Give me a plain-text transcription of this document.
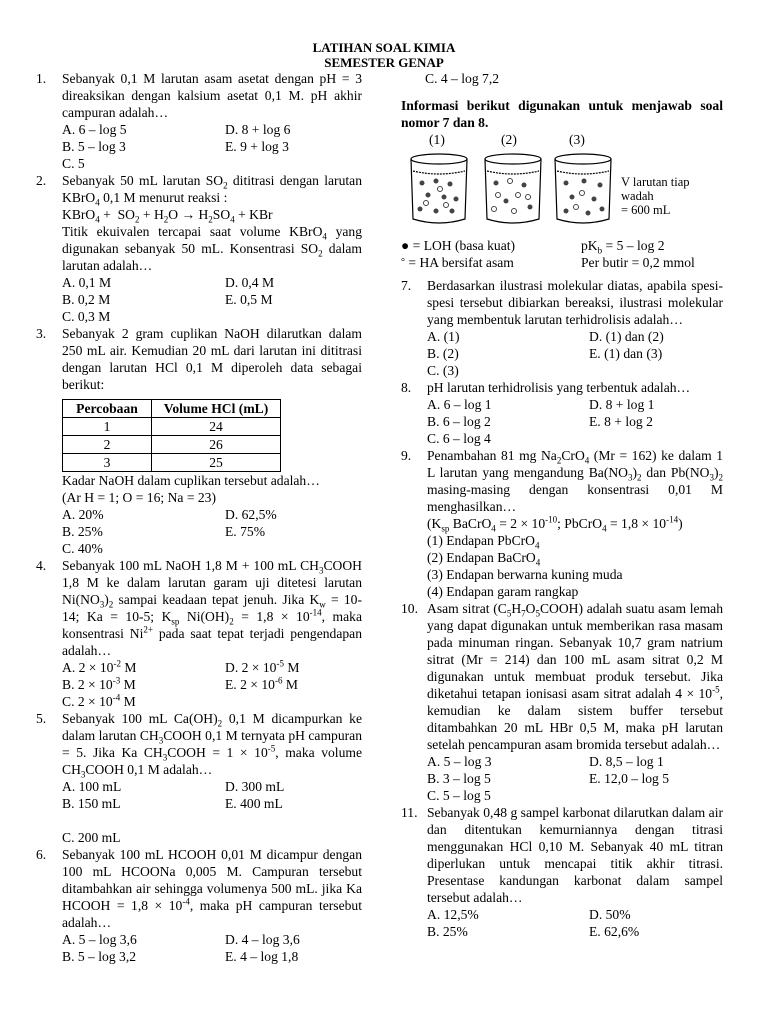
LATIHAN SOAL KIMIA
SEMESTER GENAP
1. Sebanyak 0,1 M larutan asam asetat dengan pH = 3 direaksikan dengan kalsium asetat 0,1 M. pH akhir campuran adalah…
A. 6 – log 5	D. 8 + log 6
B. 5 – log 3	E. 9 + log 3
C. 5
2. Sebanyak 50 mL larutan $SO_2$ dititrasi dengan larutan KBrO$_4$ 0,1 M menurut reaksi :
KBrO$_4$ +  $SO_2 + H_2O \to H_2SO_4$ + KBr
Titik ekuivalen tercapai saat volume KBrO$_4$ yang digunakan sebanyak 50 mL. Konsentrasi $SO_2$ dalam larutan adalah…
A. 0,1 M	D. 0,4 M
B. 0,2 M	E. 0,5 M
C. 0,3 M
3. Sebanyak 2 gram cuplikan NaOH dilarutkan dalam 250 mL air. Kemudian 20 mL dari larutan ini dititrasi dengan larutan HCl 0,1 M diperoleh data sebagai berikut:
Percobaan	Volume HCl (mL)
1	24
2	26
3	25
Kadar NaOH dalam cuplikan tersebut adalah…
(Ar H = 1; O = 16; Na = 23)
A. 20%	D. 62,5%
B. 25%	E. 75%
C. 40%
4. Sebanyak 100 mL NaOH 1,8 M + 100 mL $CH_3COOH$ 1,8 M ke dalam larutan garam uji ditetesi larutan $Ni(NO_3)_2$ sampai keadaan tepat jenuh. Jika $K_w = 10-14$; Ka = 10-5; $K_{sp}$ $Ni(OH)_2 = 1,8 \times 10^{-14}$, maka konsentrasi $Ni^{2+}$ pada saat tepat terjadi pengendapan adalah…
A. $2 \times 10^{-2}$ M	D. $2 \times 10^{-5}$ M
B. $2 \times 10^{-3}$ M	E. $2 \times 10^{-6}$ M
C. $2 \times 10^{-4}$ M
5. Sebanyak 100 mL $Ca(OH)_2$ 0,1 M dicampurkan ke dalam larutan $CH_3COOH$ 0,1 M ternyata pH campuran = 5. Jika Ka $CH_3COOH = 1 \times 10^{-5}$, maka volume $CH_3COOH$ 0,1 M adalah…
A. 100 mL	D. 300 mL
B. 150 mL	E. 400 mL
C. 200 mL
6. Sebanyak 100 mL HCOOH 0,01 M dicampur dengan 100 mL HCOONa 0,005 M. Campuran tersebut ditambahkan air sehingga volumenya 500 mL. jika Ka HCOOH = $1,8 \times 10^{-4}$, maka pH campuran tersebut adalah…
A. 5 – log 3,6	D. 4 – log 3,6
B. 5 – log 3,2	E. 4 – log 1,8
C. 4 – log 7,2
Informasi berikut digunakan untuk menjawab soal nomor 7 dan 8.
(1)	(2)	(3)
V larutan tiap wadah
= 600 mL
● = LOH (basa kuat)	$pK_b = 5 - \log 2$
° = HA bersifat asam	Per butir = 0,2 mmol
7. Berdasarkan ilustrasi molekular diatas, apabila spesi-spesi tersebut dibiarkan bereaksi, ilustrasi molekular yang membentuk larutan terhidrolisis adalah…
A. (1)	D. (1) dan (2)
B. (2)	E. (1) dan (3)
C. (3)
8. pH larutan terhidrolisis yang terbentuk adalah…
A. 6 – log 1	D. 8 + log 1
B. 6 – log 2	E. 8 + log 2
C. 6 – log 4
9. Penambahan 81 mg $Na_2CrO_4$ (Mr = 162) ke dalam 1 L larutan yang mengandung $Ba(NO_3)_2$ dan $Pb(NO_3)_2$ masing-masing dengan konsentrasi 0,01 M menghasilkan…
($K_{sp}$ BaCrO$_4$ = $2 \times 10^{-10}$; PbCrO$_4$ = $1,8 \times 10^{-14}$)
(1) Endapan PbCrO$_4$
(2) Endapan BaCrO$_4$
(3) Endapan berwarna kuning muda
(4) Endapan garam rangkap
10. Asam sitrat $(C_5H_7O_5COOH)$ adalah suatu asam lemah yang dapat digunakan untuk memberikan rasa masam pada minuman ringan. Sebanyak 10,7 gram natrium sitrat (Mr = 214) dan 100 mL asam sitrat 0,2 M digunakan untuk membuat produk tersebut. Jika diketahui tetapan ionisasi asam sitrat adalah $4 \times 10^{-5}$, kemudian ke dalam sistem buffer tersebut ditambahkan 20 mL HBr 0,5 M, maka pH larutan setelah pencampuran asam bromida tersebut adalah…
A. 5 – log 3	D. 8,5 – log 1
B. 3 – log 5	E. 12,0 – log 5
C. 5 – log 5
11. Sebanyak 0,48 g sampel karbonat dilarutkan dalam air dan ditentukan kemurniannya dengan titrasi menggunakan HCl 0,10 M. Sebanyak 40 mL titran diperlukan untuk mencapai titik akhir titrasi. Presentase kandungan karbonat dalam sampel tersebut adalah…
A. 12,5%	D. 50%
B. 25%	E. 62,6%
